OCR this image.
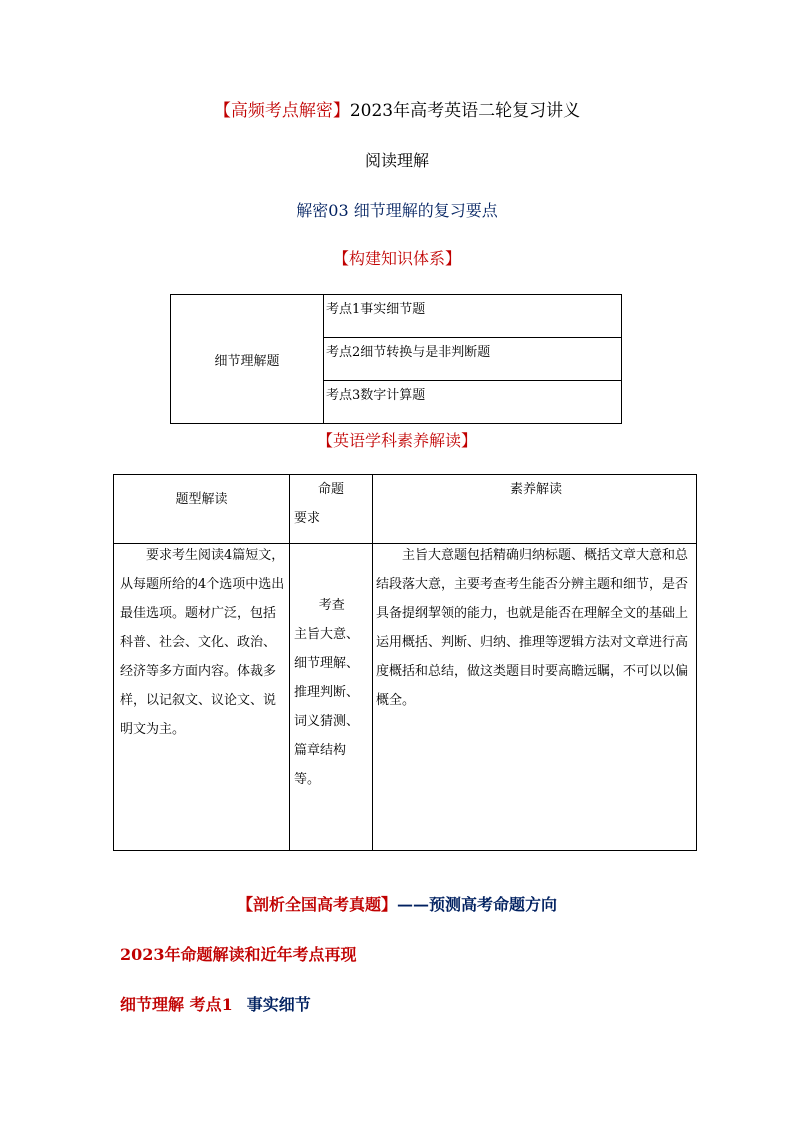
【高频考点解密】2023年高考英语二轮复习讲义
阅读理解
解密03 细节理解的复习要点
【构建知识体系】
细节理解题
考点1事实细节题
考点2细节转换与是非判断题
考点3数字计算题
【英语学科素养解读】
题型解读
命题
要求
素养解读
要求考生阅读4篇短文，从每题所给的4个选项中选出最佳选项。题材广泛，包括科普、社会、文化、政治、经济等多方面内容。体裁多样，以记叙文、议论文、说明文为主。
考查
主旨大意、
细节理解、
推理判断、
词义猜测、
篇章结构
等。
主旨大意题包括精确归纳标题、概括文章大意和总结段落大意，主要考查考生能否分辨主题和细节，是否具备提纲挈领的能力，也就是能否在理解全文的基础上运用概括、判断、归纳、推理等逻辑方法对文章进行高度概括和总结，做这类题目时要高瞻远瞩，不可以以偏概全。
【剖析全国高考真题】——预测高考命题方向
2023年命题解读和近年考点再现
细节理解 考点1 事实细节
